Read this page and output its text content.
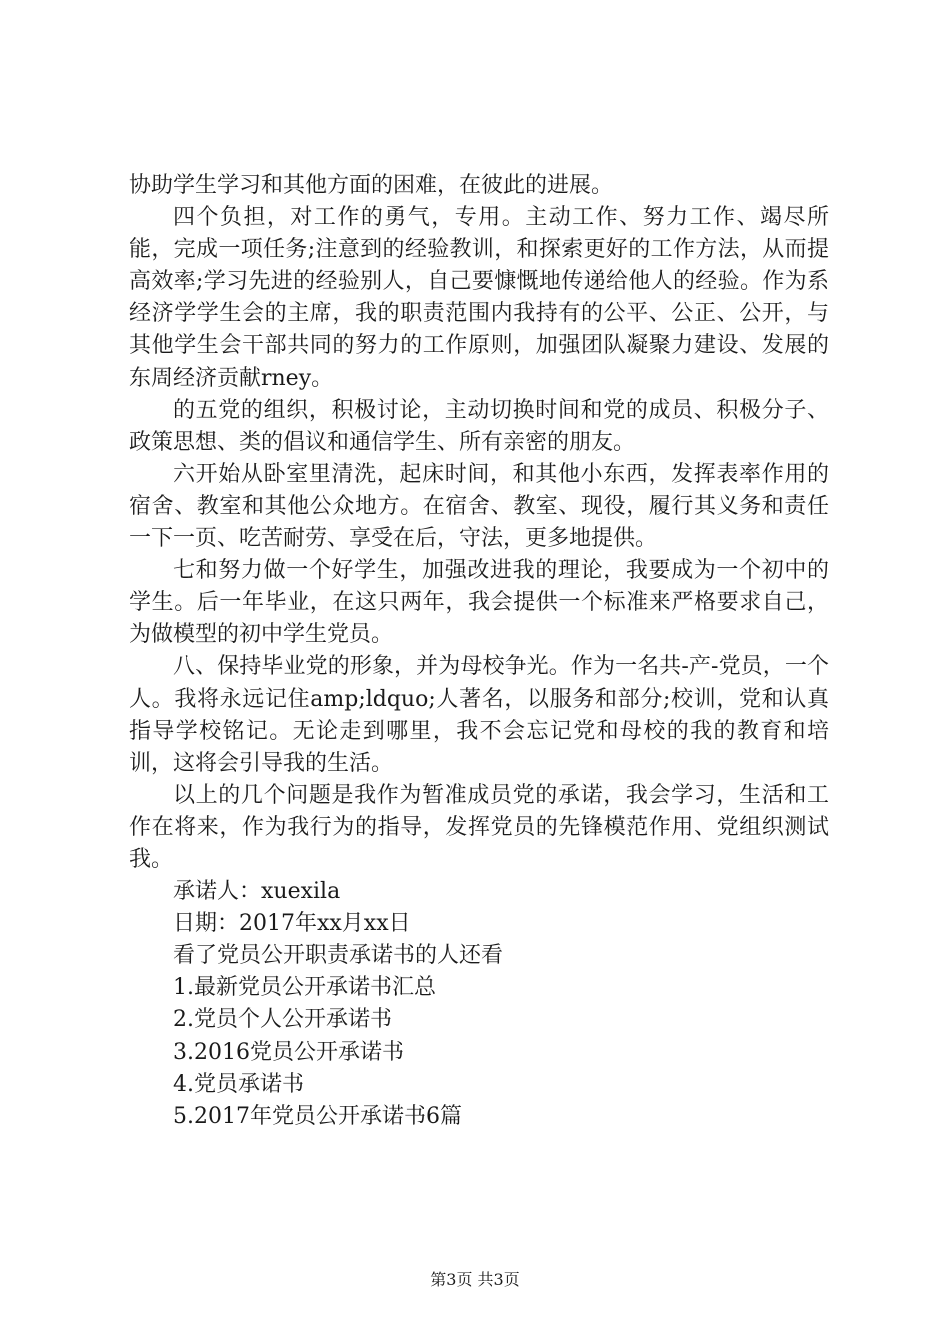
协助学生学习和其他方面的困难，在彼此的进展。

四个负担，对工作的勇气，专用。主动工作、努力工作、竭尽所能，完成一项任务;注意到的经验教训，和探索更好的工作方法，从而提高效率;学习先进的经验别人，自己要慷慨地传递给他人的经验。作为系经济学学生会的主席，我的职责范围内我持有的公平、公正、公开，与其他学生会干部共同的努力的工作原则，加强团队凝聚力建设、发展的东周经济贡献rney。

的五党的组织，积极讨论，主动切换时间和党的成员、积极分子、政策思想、类的倡议和通信学生、所有亲密的朋友。

六开始从卧室里清洗，起床时间，和其他小东西，发挥表率作用的宿舍、教室和其他公众地方。在宿舍、教室、现役，履行其义务和责任一下一页、吃苦耐劳、享受在后，守法，更多地提供。

七和努力做一个好学生，加强改进我的理论，我要成为一个初中的学生。后一年毕业，在这只两年，我会提供一个标准来严格要求自己，为做模型的初中学生党员。

八、保持毕业党的形象，并为母校争光。作为一名共-产-党员，一个人。我将永远记住amp;ldquo;人著名，以服务和部分;校训，党和认真指导学校铭记。无论走到哪里，我不会忘记党和母校的我的教育和培训，这将会引导我的生活。

以上的几个问题是我作为暂准成员党的承诺，我会学习，生活和工作在将来，作为我行为的指导，发挥党员的先锋模范作用、党组织测试我。

承诺人：xuexila

日期：2017年xx月xx日

看了党员公开职责承诺书的人还看

1.最新党员公开承诺书汇总

2.党员个人公开承诺书

3.2016党员公开承诺书

4.党员承诺书

5.2017年党员公开承诺书6篇

第3页 共3页
